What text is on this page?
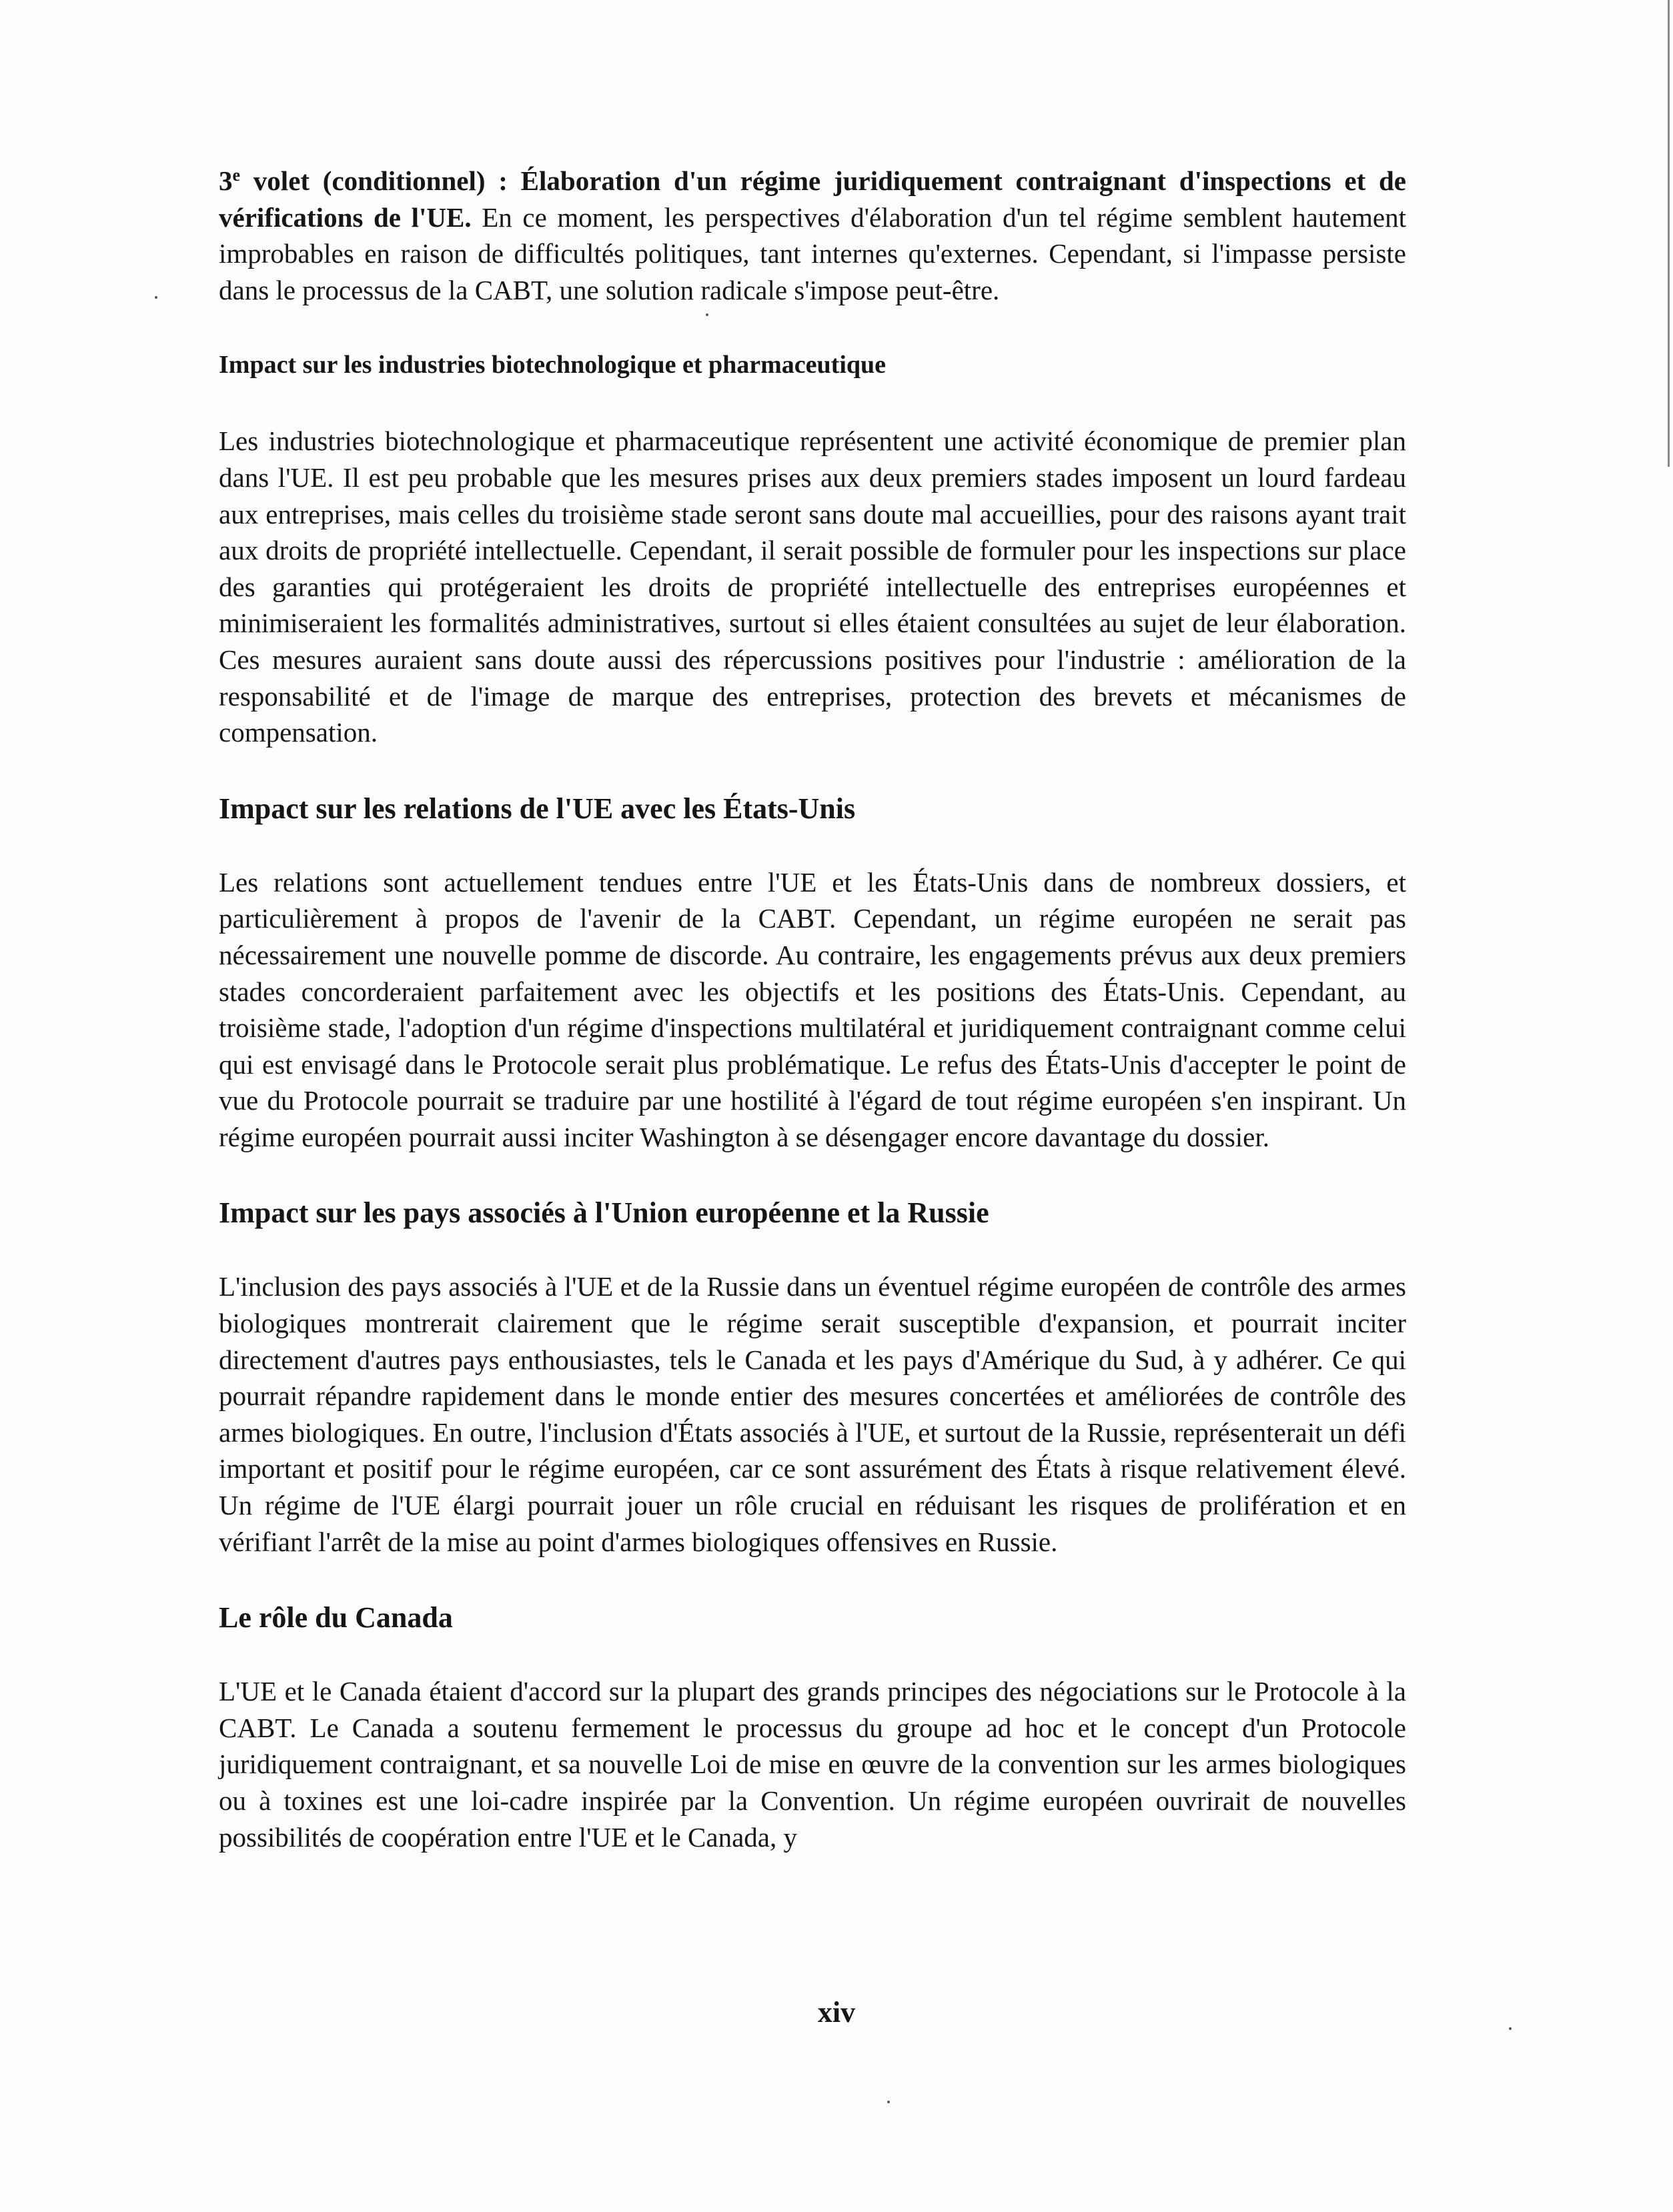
3e volet (conditionnel) : Élaboration d'un régime juridiquement contraignant d'inspections et de vérifications de l'UE. En ce moment, les perspectives d'élaboration d'un tel régime semblent hautement improbables en raison de difficultés politiques, tant internes qu'externes. Cependant, si l'impasse persiste dans le processus de la CABT, une solution radicale s'impose peut-être.

Impact sur les industries biotechnologique et pharmaceutique

Les industries biotechnologique et pharmaceutique représentent une activité économique de premier plan dans l'UE. Il est peu probable que les mesures prises aux deux premiers stades imposent un lourd fardeau aux entreprises, mais celles du troisième stade seront sans doute mal accueillies, pour des raisons ayant trait aux droits de propriété intellectuelle. Cependant, il serait possible de formuler pour les inspections sur place des garanties qui protégeraient les droits de propriété intellectuelle des entreprises européennes et minimiseraient les formalités administratives, surtout si elles étaient consultées au sujet de leur élaboration. Ces mesures auraient sans doute aussi des répercussions positives pour l'industrie : amélioration de la responsabilité et de l'image de marque des entreprises, protection des brevets et mécanismes de compensation.

Impact sur les relations de l'UE avec les États-Unis

Les relations sont actuellement tendues entre l'UE et les États-Unis dans de nombreux dossiers, et particulièrement à propos de l'avenir de la CABT. Cependant, un régime européen ne serait pas nécessairement une nouvelle pomme de discorde. Au contraire, les engagements prévus aux deux premiers stades concorderaient parfaitement avec les objectifs et les positions des États-Unis. Cependant, au troisième stade, l'adoption d'un régime d'inspections multilatéral et juridiquement contraignant comme celui qui est envisagé dans le Protocole serait plus problématique. Le refus des États-Unis d'accepter le point de vue du Protocole pourrait se traduire par une hostilité à l'égard de tout régime européen s'en inspirant. Un régime européen pourrait aussi inciter Washington à se désengager encore davantage du dossier.

Impact sur les pays associés à l'Union européenne et la Russie

L'inclusion des pays associés à l'UE et de la Russie dans un éventuel régime européen de contrôle des armes biologiques montrerait clairement que le régime serait susceptible d'expansion, et pourrait inciter directement d'autres pays enthousiastes, tels le Canada et les pays d'Amérique du Sud, à y adhérer. Ce qui pourrait répandre rapidement dans le monde entier des mesures concertées et améliorées de contrôle des armes biologiques. En outre, l'inclusion d'États associés à l'UE, et surtout de la Russie, représenterait un défi important et positif pour le régime européen, car ce sont assurément des États à risque relativement élevé. Un régime de l'UE élargi pourrait jouer un rôle crucial en réduisant les risques de prolifération et en vérifiant l'arrêt de la mise au point d'armes biologiques offensives en Russie.

Le rôle du Canada

L'UE et le Canada étaient d'accord sur la plupart des grands principes des négociations sur le Protocole à la CABT. Le Canada a soutenu fermement le processus du groupe ad hoc et le concept d'un Protocole juridiquement contraignant, et sa nouvelle Loi de mise en œuvre de la convention sur les armes biologiques ou à toxines est une loi-cadre inspirée par la Convention. Un régime européen ouvrirait de nouvelles possibilités de coopération entre l'UE et le Canada, y

xiv
